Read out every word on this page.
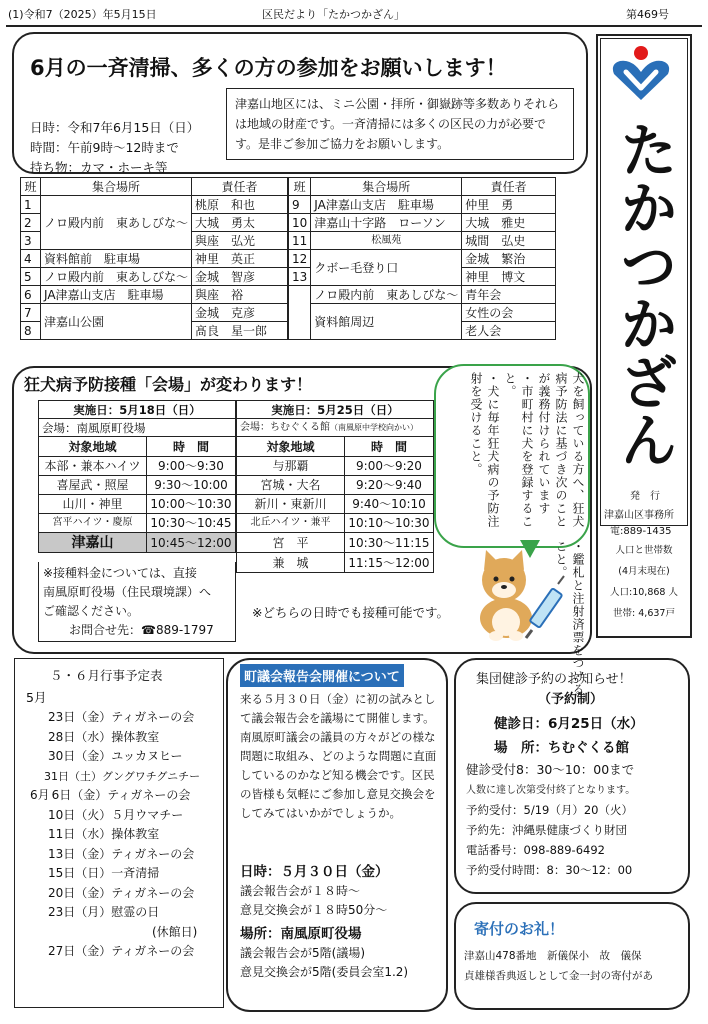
(1)令和7（2025）年5月15日	区民だより「たかつかざん」	第469号
6月の一斉清掃、多くの方の参加をお願いします！
日時：令和7年6月15日（日）
時間：午前9時～12時まで
持ち物：カマ・ホーキ等
津嘉山地区には、ミニ公園・拝所・御嶽跡等多数ありそれらは地域の財産です。一斉清掃には多くの区民の力が必要です。是非ご参加ご協力をお願いします。
班	集合場所	責任者
1	ノロ殿内前　東あしびな～	桃原　和也
2		大城　勇太
3		與座　弘光
4	資料館前　駐車場	神里　英正
5	ノロ殿内前　東あしびな～	金城　智彦
6	JA津嘉山支店　駐車場	與座　裕
7	津嘉山公園	金城　克彦
8		髙良　星一郎
班	集合場所	責任者
9	JA津嘉山支店　駐車場	仲里　勇
10	津嘉山十字路　ローソン	大城　雅史
11	松風苑	城間　弘史
12	クボー毛登り口	金城　繁治
13		神里　博文
	ノロ殿内前　東あしびな～	青年会
	資料館周辺	女性の会
		老人会 たかつかざん
発　行
津嘉山区事務所
電:889-1435
人口と世帯数
(4月末現在)
人口:10,868 人
世帯: 4,637戸
狂犬病予防接種「会場」が変わります！
実施日：5月18日（日）	
会場：南風原町役場	
対象地域	時　間
本部・兼本ハイツ	9:00～9:30
喜屋武・照屋	9:30～10:00
山川・神里	10:00～10:30
宮平ハイツ・慶原	10:30～10:45
津嘉山	10:45～12:00
実施日：5月25日（日）	
会場：ちむぐくる館（南風原中学校向かい）	
対象地域	時　間
与那覇	9:00～9:20
宮城・大名	9:20～9:40
新川・東新川	9:40～10:10
北丘ハイツ・兼平	10:10～10:30
宮　平	10:30～11:15
兼　城	11:15～12:00
※接種料金については、直接
南風原町役場（住民環境課）へ
ご確認ください。
お問合せ先：☎889-1797
※どちらの日時でも接種可能です。
犬を飼っている方へ、狂犬病予防法に基づき次のことが義務付けられています
・市町村に犬を登録すること。
・犬に毎年狂犬病の予防注射を受けること。
・鑑札と注射済票をつけること。
５・６月行事予定表
5月
23日（金）ティガネーの会
28日（水）操体教室
30日（金）ユッカヌヒー
31日（土）グングワチグニチー
6月 6日（金）ティガネーの会
10日（火）５月ウマチー
11日（水）操体教室
13日（金）ティガネーの会
15日（日）一斉清掃
20日（金）ティガネーの会
23日（月）慰霊の日
(休館日)
27日（金）ティガネーの会
町議会報告会開催について
来る５月３０日（金）に初の試みとして議会報告会を議場にて開催します。南風原町議会の議員の方々がどの様な問題に取組み、どのような問題に直面しているのかなど知る機会です。区民の皆様も気軽にご参加し意見交換会をしてみてはいかがでしょうか。
日時：５月３０日（金）
議会報告会が１８時～
意見交換会が１８時50分～
場所：南風原町役場
議会報告会が5階(議場)
意見交換会が5階(委員会室1.2)
集団健診予約のお知らせ！
（予約制）
健診日：6月25日（水）
場　所：ちむぐくる館
健診受付8：30～10：00まで
人数に達し次第受付終了となります。
予約受付：5/19（月）20（火）
予約先：沖縄県健康づくり財団
電話番号：098-889-6492
予約受付時間：8：30～12：00
寄付のお礼！
津嘉山478番地　新儀保小　故　儀保
貞雄様香典返しとして金一封の寄付があ
